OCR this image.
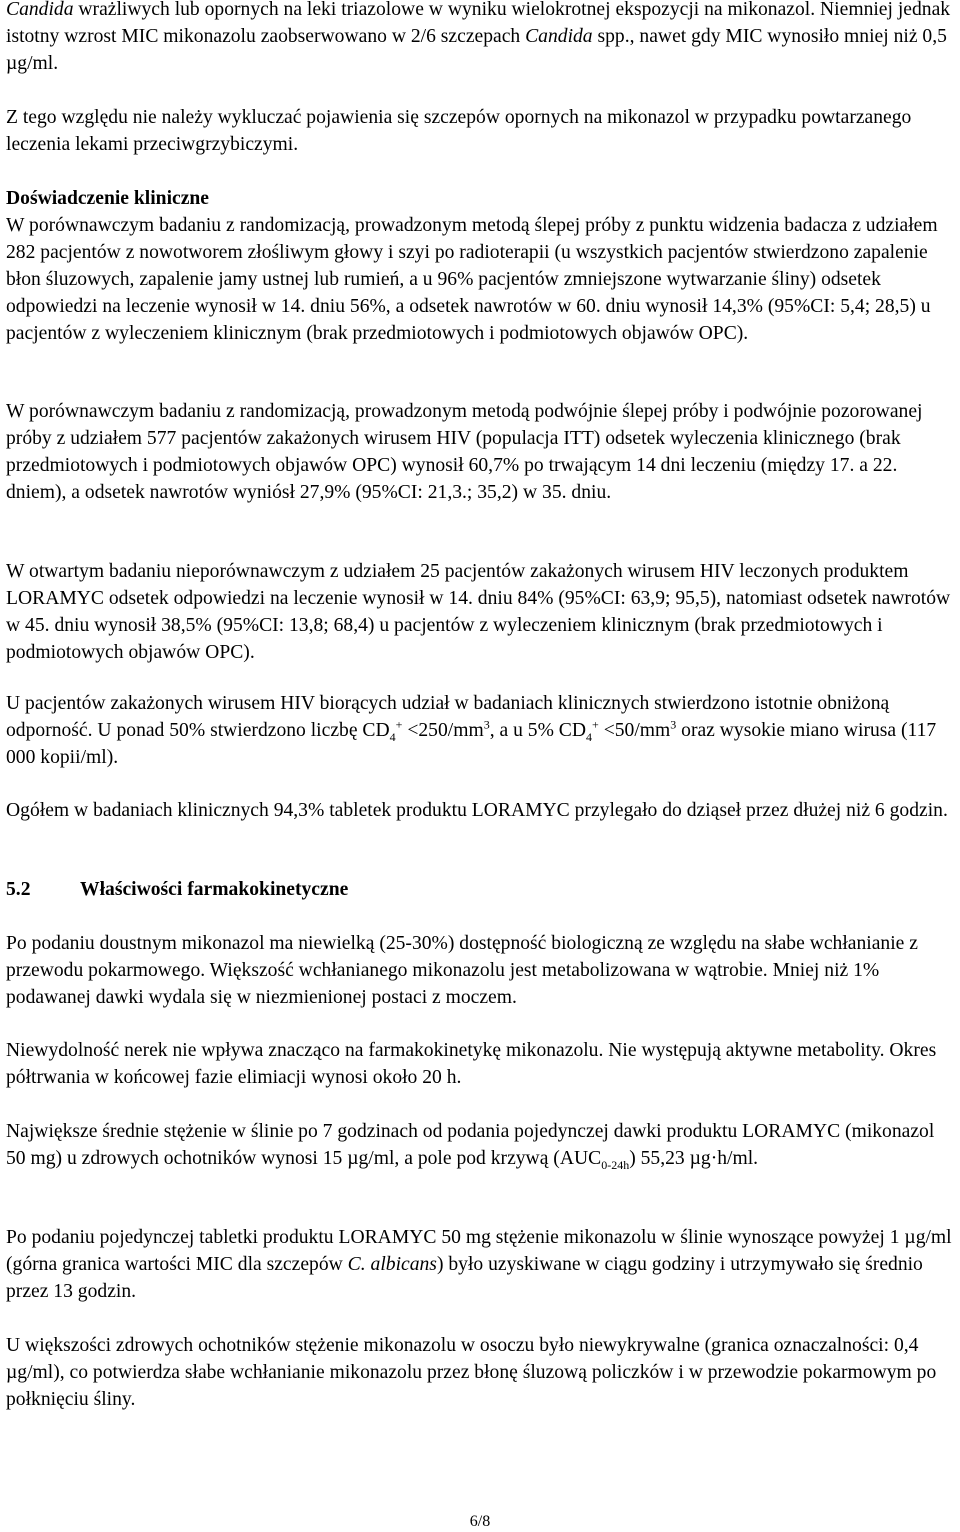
Candida wrażliwych lub opornych na leki triazolowe w wyniku wielokrotnej ekspozycji na mikonazol. Niemniej jednak istotny wzrost MIC mikonazolu zaobserwowano w 2/6 szczepach Candida spp., nawet gdy MIC wynosiło mniej niż 0,5 µg/ml.

Z tego względu nie należy wykluczać pojawienia się szczepów opornych na mikonazol w przypadku powtarzanego leczenia lekami przeciwgrzybiczymi.

Doświadczenie kliniczne

W porównawczym badaniu z randomizacją, prowadzonym metodą ślepej próby z punktu widzenia badacza z udziałem 282 pacjentów z nowotworem złośliwym głowy i szyi po radioterapii (u wszystkich pacjentów stwierdzono zapalenie błon śluzowych, zapalenie jamy ustnej lub rumień, a u 96% pacjentów zmniejszone wytwarzanie śliny) odsetek odpowiedzi na leczenie wynosił w 14. dniu 56%, a odsetek nawrotów w 60. dniu wynosił 14,3% (95%CI: 5,4; 28,5) u pacjentów z wyleczeniem klinicznym (brak przedmiotowych i podmiotowych objawów OPC).

W porównawczym badaniu z randomizacją, prowadzonym metodą podwójnie ślepej próby i podwójnie pozorowanej próby z udziałem 577 pacjentów zakażonych wirusem HIV (populacja ITT) odsetek wyleczenia klinicznego (brak przedmiotowych i podmiotowych objawów OPC) wynosił 60,7% po trwającym 14 dni leczeniu (między 17. a 22. dniem), a odsetek nawrotów wyniósł 27,9% (95%CI: 21,3.; 35,2) w 35. dniu.

W otwartym badaniu nieporównawczym z udziałem 25 pacjentów zakażonych wirusem HIV leczonych produktem LORAMYC odsetek odpowiedzi na leczenie wynosił w 14. dniu 84% (95%CI: 63,9; 95,5), natomiast odsetek nawrotów w 45. dniu wynosił 38,5% (95%CI: 13,8; 68,4) u pacjentów z wyleczeniem klinicznym (brak przedmiotowych i podmiotowych objawów OPC).

U pacjentów zakażonych wirusem HIV biorących udział w badaniach klinicznych stwierdzono istotnie obniżoną odporność. U ponad 50% stwierdzono liczbę $CD_4^+ <250/mm^3$, a u 5% $CD_4^+ <50/mm^3$ oraz wysokie miano wirusa (117 000 kopii/ml).

Ogółem w badaniach klinicznych 94,3% tabletek produktu LORAMYC przylegało do dziąseł przez dłużej niż 6 godzin.

5.2	Właściwości farmakokinetyczne

Po podaniu doustnym mikonazol ma niewielką (25-30%) dostępność biologiczną ze względu na słabe wchłanianie z przewodu pokarmowego. Większość wchłanianego mikonazolu jest metabolizowana w wątrobie. Mniej niż 1% podawanej dawki wydala się w niezmienionej postaci z moczem.

Niewydolność nerek nie wpływa znacząco na farmakokinetykę mikonazolu. Nie występują aktywne metabolity. Okres półtrwania w końcowej fazie elimiacji wynosi około 20 h.

Największe średnie stężenie w ślinie po 7 godzinach od podania pojedynczej dawki produktu LORAMYC (mikonazol 50 mg) u zdrowych ochotników wynosi 15 µg/ml, a pole pod krzywą $(AUC_{0-24h})$ 55,23 µg·h/ml.

Po podaniu pojedynczej tabletki produktu LORAMYC 50 mg stężenie mikonazolu w ślinie wynoszące powyżej 1 µg/ml (górna granica wartości MIC dla szczepów C. albicans) było uzyskiwane w ciągu godziny i utrzymywało się średnio przez 13 godzin.

U większości zdrowych ochotników stężenie mikonazolu w osoczu było niewykrywalne (granica oznaczalności: 0,4 µg/ml), co potwierdza słabe wchłanianie mikonazolu przez błonę śluzową policzków i w przewodzie pokarmowym po połknięciu śliny.

6/8
